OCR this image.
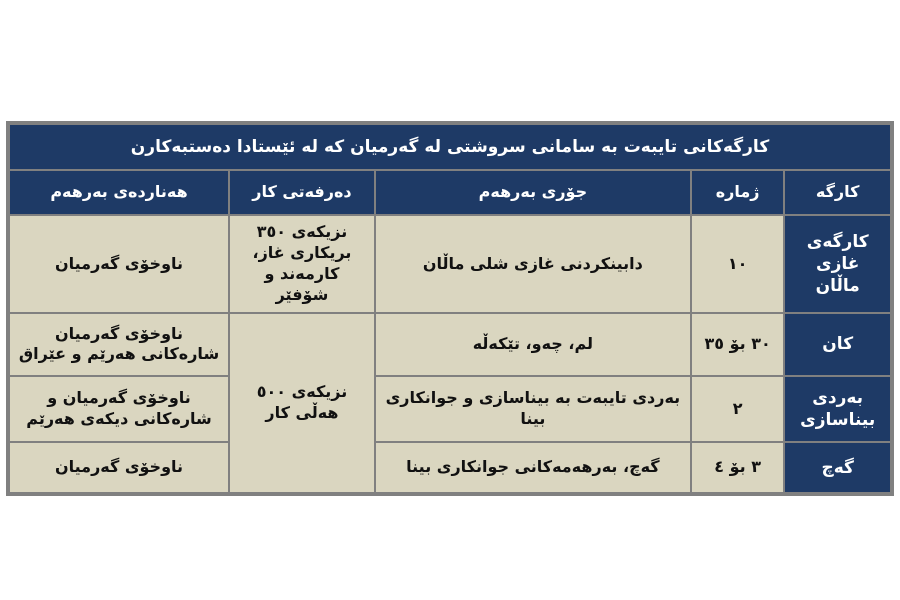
کارگەکانی تایبەت بە سامانی سروشتی لە گەرمیان کە لە ئێستادا دەستبەکارن				
کارگە	ژمارە	جۆری بەرهەم	دەرفەتی کار	هەناردەی بەرهەم
کارگەی غازی ماڵان	١٠	دابینکردنی غازی شلی ماڵان	نزیکەی ٣٥٠ بریکاری غاز، کارمەند و شۆفێر	ناوخۆی گەرمیان
کان	٣٠ بۆ ٣٥	لم، چەو، تێکەڵە	نزیکەی ٥٠٠ هەڵی کار	ناوخۆی گەرمیان شارەکانی هەرێم و عێراق
بەردی بیناسازی	٢	بەردی تایبەت بە بیناسازی و جوانکاری بینا		ناوخۆی گەرمیان و شارەکانی دیکەی هەرێم
گەچ	٣ بۆ ٤	گەچ، بەرهەمەکانی جوانکاری بینا		ناوخۆی گەرمیان
